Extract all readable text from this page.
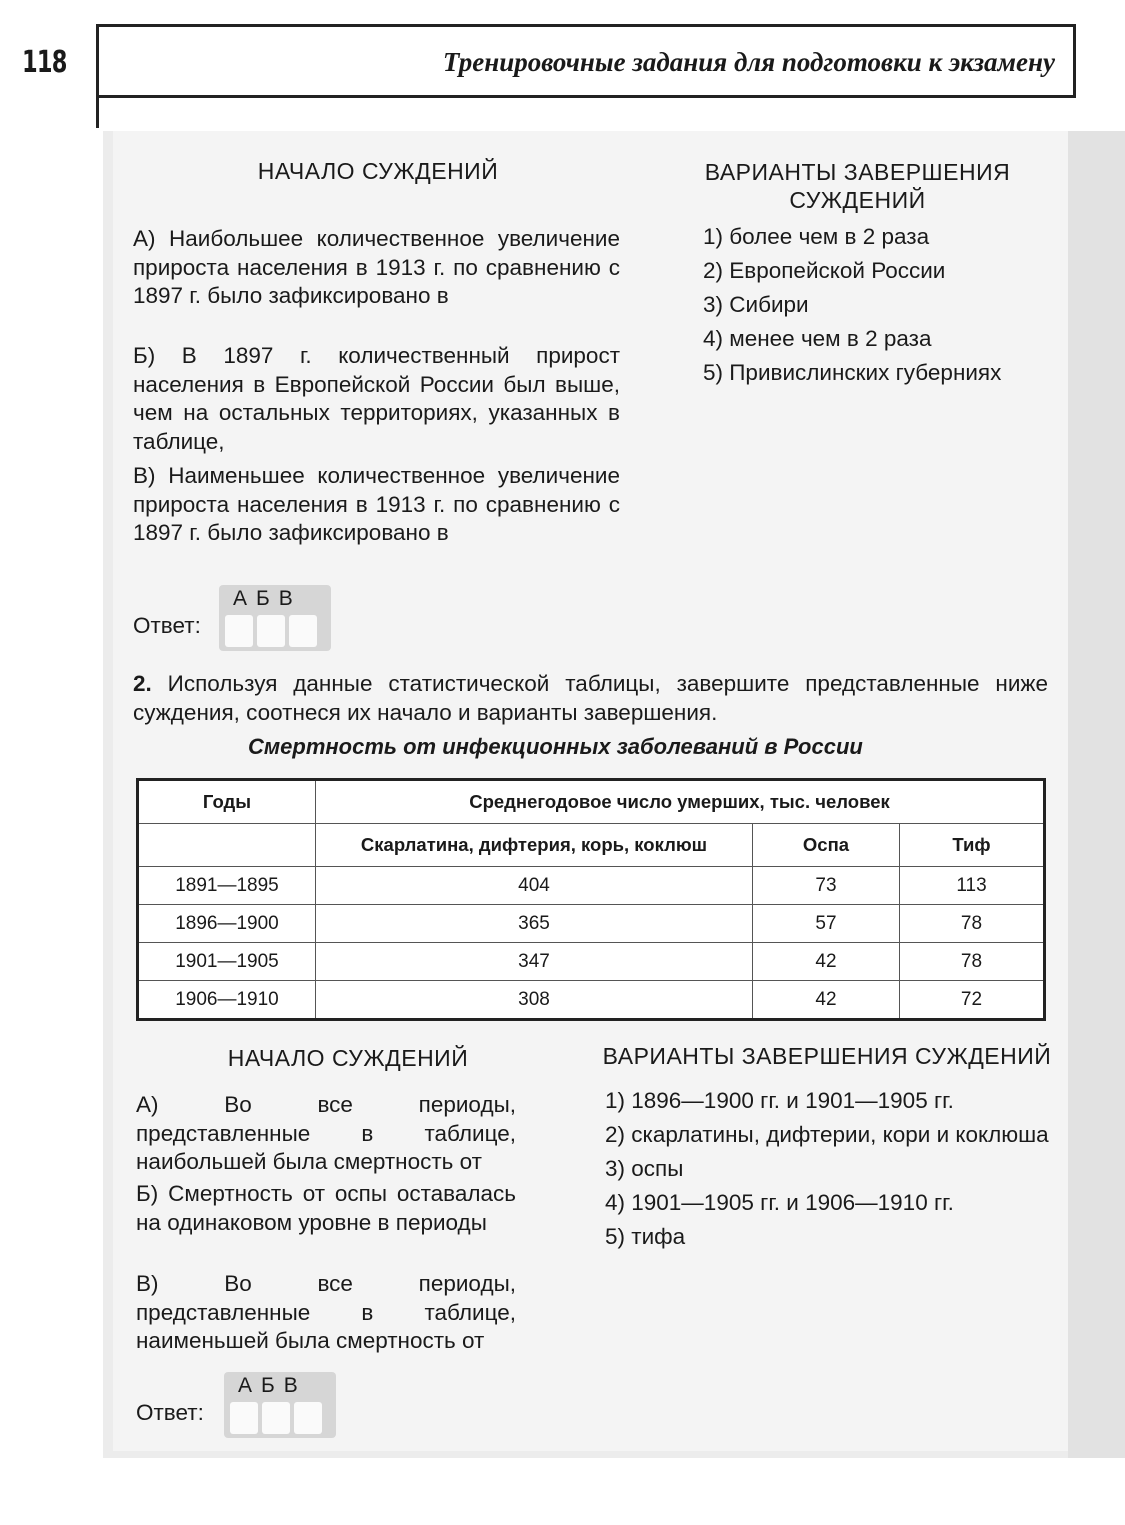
118	Тренировочные задания для подготовки к экзамену
НАЧАЛО СУЖДЕНИЙ	ВАРИАНТЫ ЗАВЕРШЕНИЯ
СУЖДЕНИЙ
А) Наибольшее количественное увеличение прироста населения в 1913 г. по сравнению с 1897 г. было зафиксировано в
Б) В 1897 г. количественный прирост населения в Европейской России был выше, чем на остальных территориях, указанных в таблице,
В) Наименьшее количественное увеличение прироста населения в 1913 г. по сравнению с 1897 г. было зафиксировано в
1) более чем в 2 раза
2) Европейской России
3) Сибири
4) менее чем в 2 раза
5) Привислинских губерниях
Ответ:
АБВ
2. Используя данные статистической таблицы, завершите представленные ниже суждения, соотнеся их начало и варианты завершения.
Смертность от инфекционных заболеваний в России
Годы	Среднегодовое число умерших, тыс. человек		
	Скарлатина, дифтерия, корь, коклюш	Оспа	Тиф
1891—1895	404	73	113
1896—1900	365	57	78
1901—1905	347	42	78
1906—1910	308	42	72
НАЧАЛО СУЖДЕНИЙ	ВАРИАНТЫ ЗАВЕРШЕНИЯ СУЖДЕНИЙ
А) Во все периоды, представленные в таблице, наибольшей была смертность от
Б) Смертность от оспы оставалась на одинаковом уровне в периоды
В) Во все периоды, представленные в таблице, наименьшей была смертность от
1) 1896—1900 гг. и 1901—1905 гг.
2) скарлатины, дифтерии, кори и коклюша
3) оспы
4) 1901—1905 гг. и 1906—1910 гг.
5) тифа
Ответ:
АБВ
